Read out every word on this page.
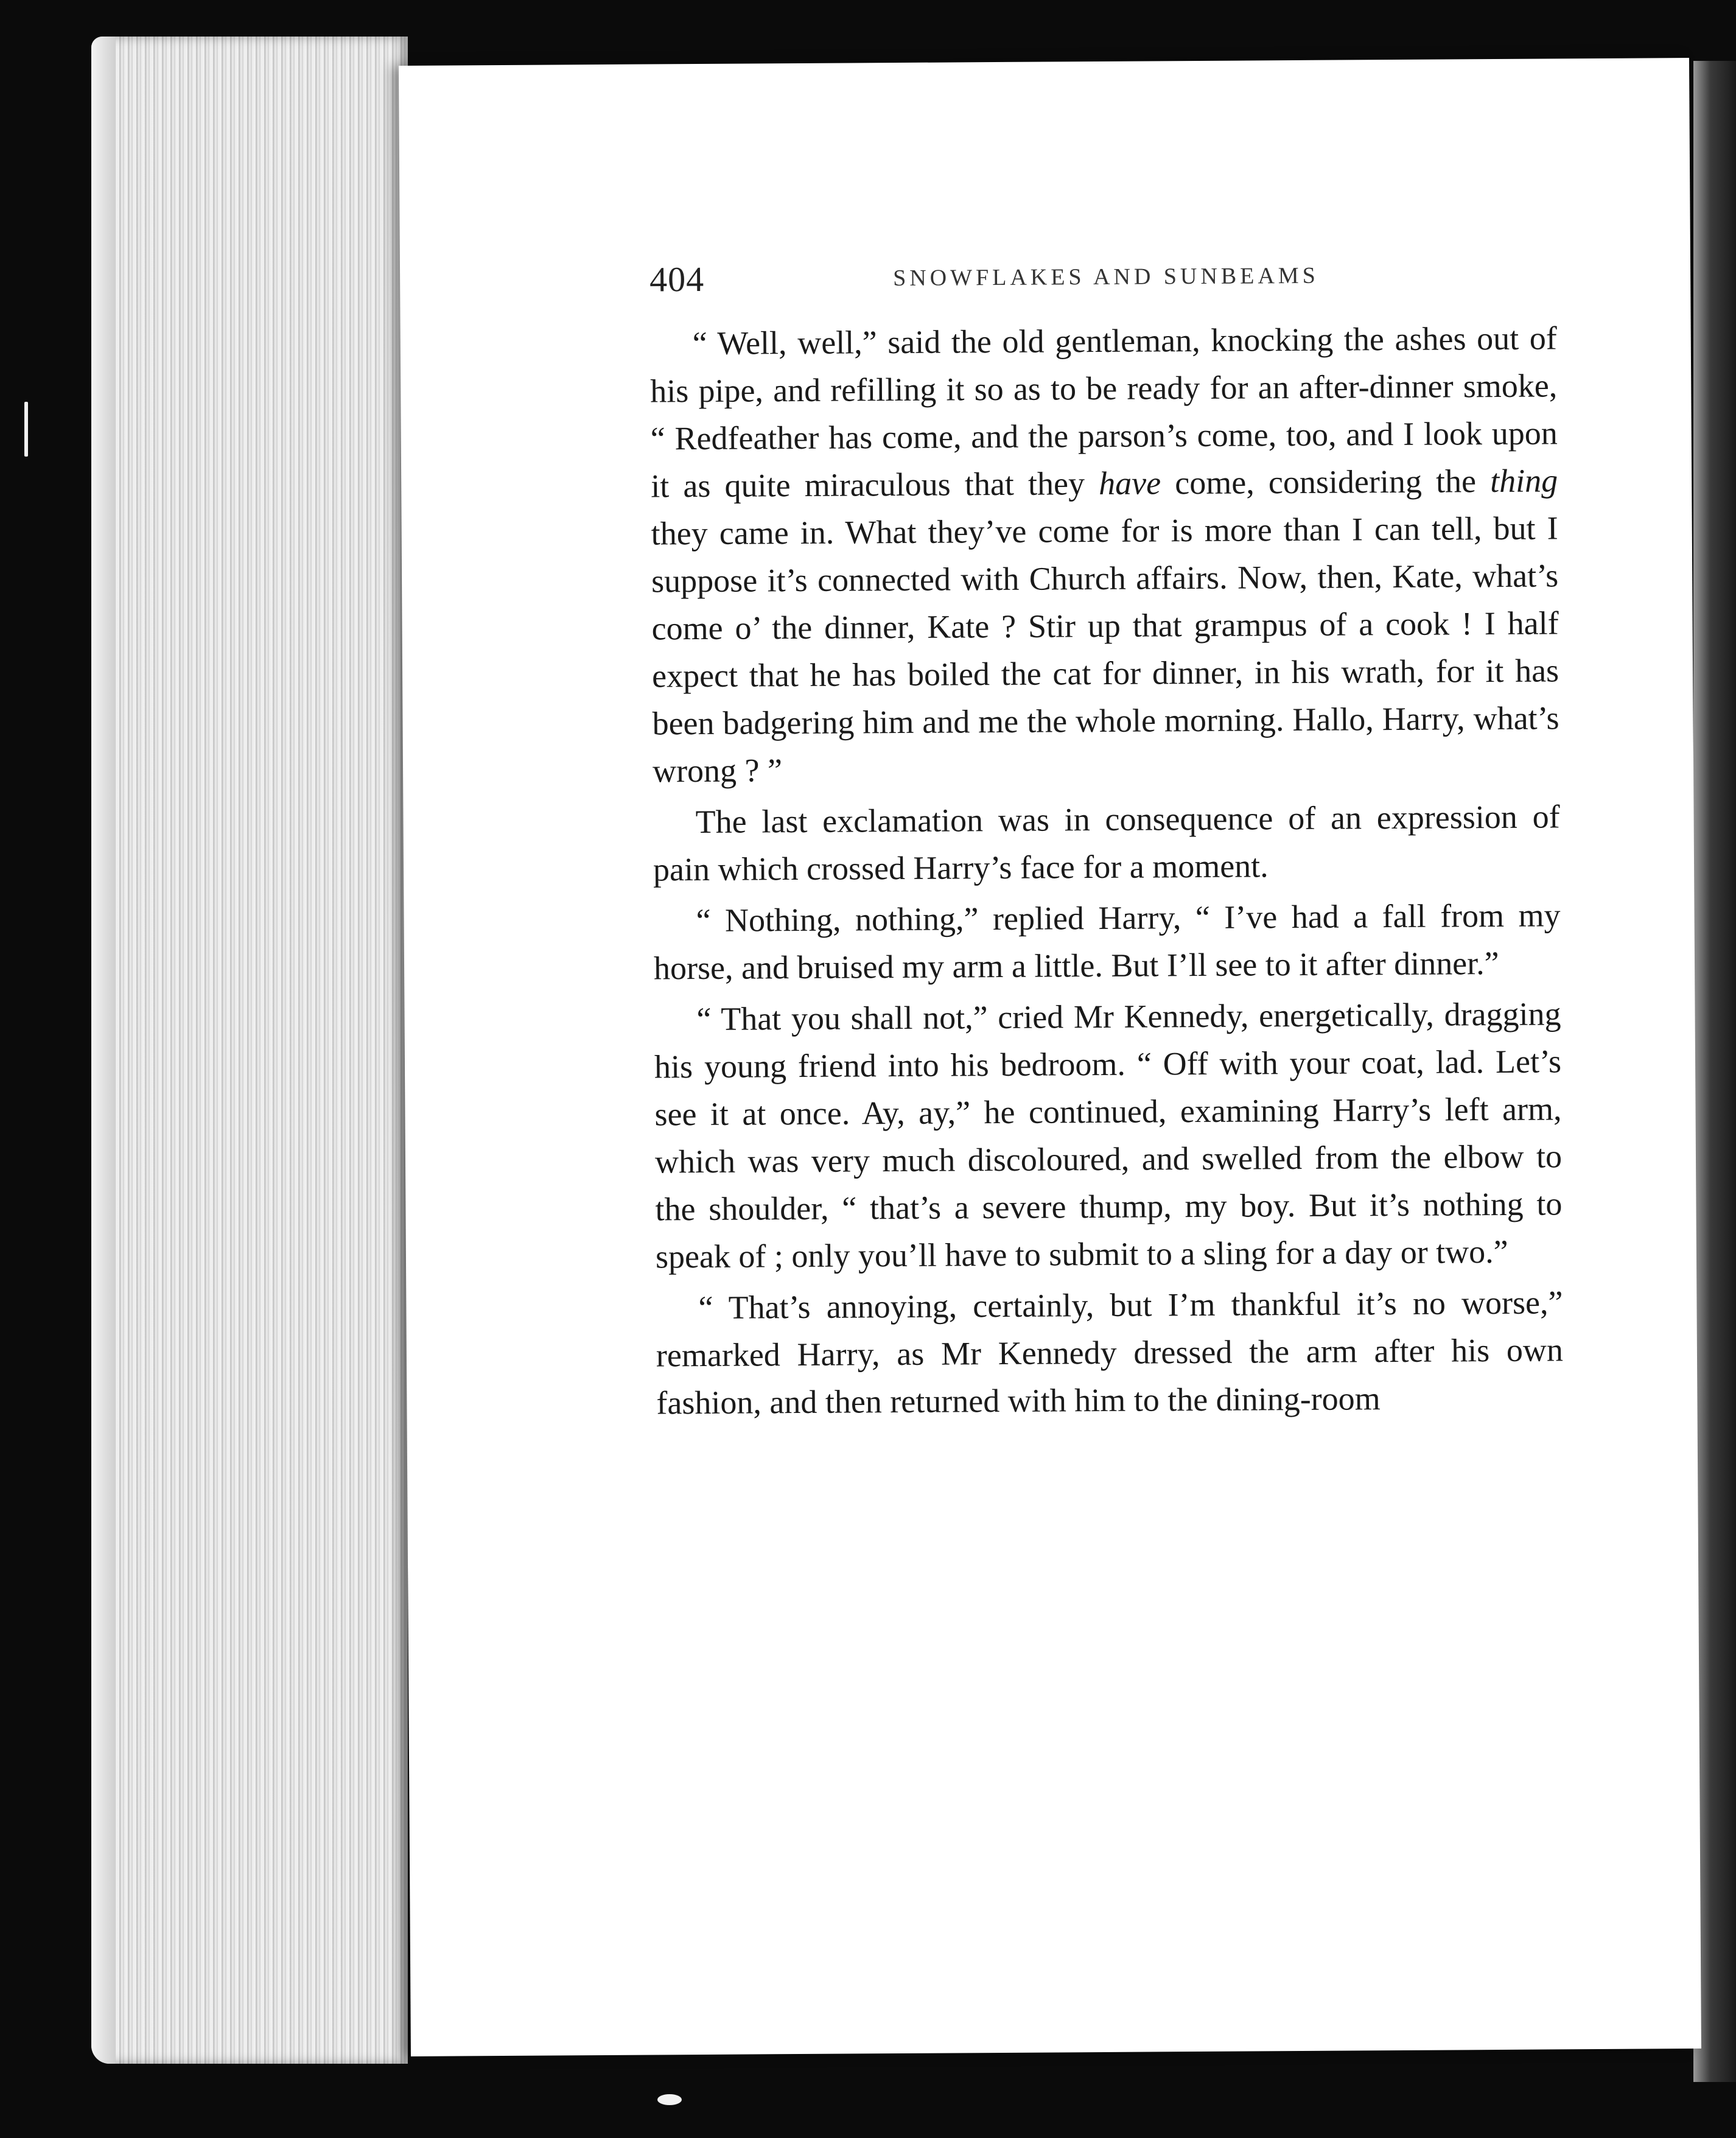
404	SNOWFLAKES AND SUNBEAMS

“ Well, well,” said the old gentleman, knocking the ashes out of his pipe, and refilling it so as to be ready for an after-dinner smoke, “ Redfeather has come, and the parson’s come, too, and I look upon it as quite miraculous that they have come, considering the thing they came in. What they’ve come for is more than I can tell, but I suppose it’s connected with Church affairs. Now, then, Kate, what’s come o’ the dinner, Kate ? Stir up that grampus of a cook ! I half expect that he has boiled the cat for dinner, in his wrath, for it has been badgering him and me the whole morning. Hallo, Harry, what’s wrong ? ”

The last exclamation was in consequence of an expression of pain which crossed Harry’s face for a moment.

“ Nothing, nothing,” replied Harry, “ I’ve had a fall from my horse, and bruised my arm a little. But I’ll see to it after dinner.”

“ That you shall not,” cried Mr Kennedy, energetically, dragging his young friend into his bedroom. “ Off with your coat, lad. Let’s see it at once. Ay, ay,” he continued, examining Harry’s left arm, which was very much discoloured, and swelled from the elbow to the shoulder, “ that’s a severe thump, my boy. But it’s nothing to speak of ; only you’ll have to submit to a sling for a day or two.”

“ That’s annoying, certainly, but I’m thankful it’s no worse,” remarked Harry, as Mr Kennedy dressed the arm after his own fashion, and then returned with him to the dining-room
